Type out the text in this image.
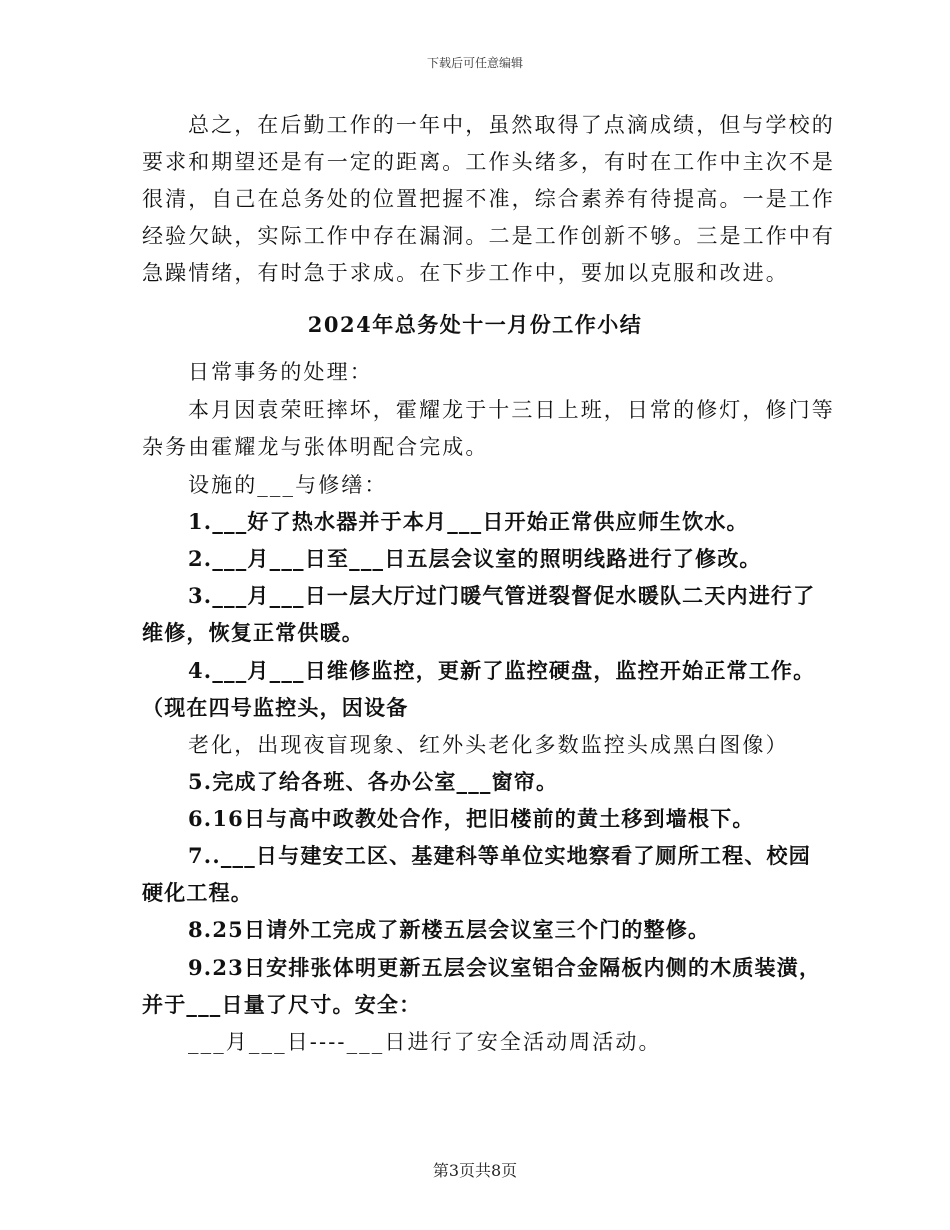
下载后可任意编辑
总之，在后勤工作的一年中，虽然取得了点滴成绩，但与学校的
要求和期望还是有一定的距离。工作头绪多，有时在工作中主次不是
很清，自己在总务处的位置把握不准，综合素养有待提高。一是工作
经验欠缺，实际工作中存在漏洞。二是工作创新不够。三是工作中有
急躁情绪，有时急于求成。在下步工作中，要加以克服和改进。
2024年总务处十一月份工作小结
日常事务的处理：
本月因袁荣旺摔坏，霍耀龙于十三日上班，日常的修灯，修门等
杂务由霍耀龙与张体明配合完成。
设施的___与修缮：
1.___好了热水器并于本月___日开始正常供应师生饮水。
2.___月___日至___日五层会议室的照明线路进行了修改。
3.___月___日一层大厅过门暖气管迸裂督促水暖队二天内进行了
维修，恢复正常供暖。
4.___月___日维修监控，更新了监控硬盘，监控开始正常工作。
（现在四号监控头，因设备
老化，出现夜盲现象、红外头老化多数监控头成黑白图像）
5.完成了给各班、各办公室___窗帘。
6.16日与高中政教处合作，把旧楼前的黄土移到墙根下。
7..___日与建安工区、基建科等单位实地察看了厕所工程、校园
硬化工程。
8.25日请外工完成了新楼五层会议室三个门的整修。
9.23日安排张体明更新五层会议室铝合金隔板内侧的木质装潢，
并于___日量了尺寸。安全：
___月___日----___日进行了安全活动周活动。
第3页共8页
